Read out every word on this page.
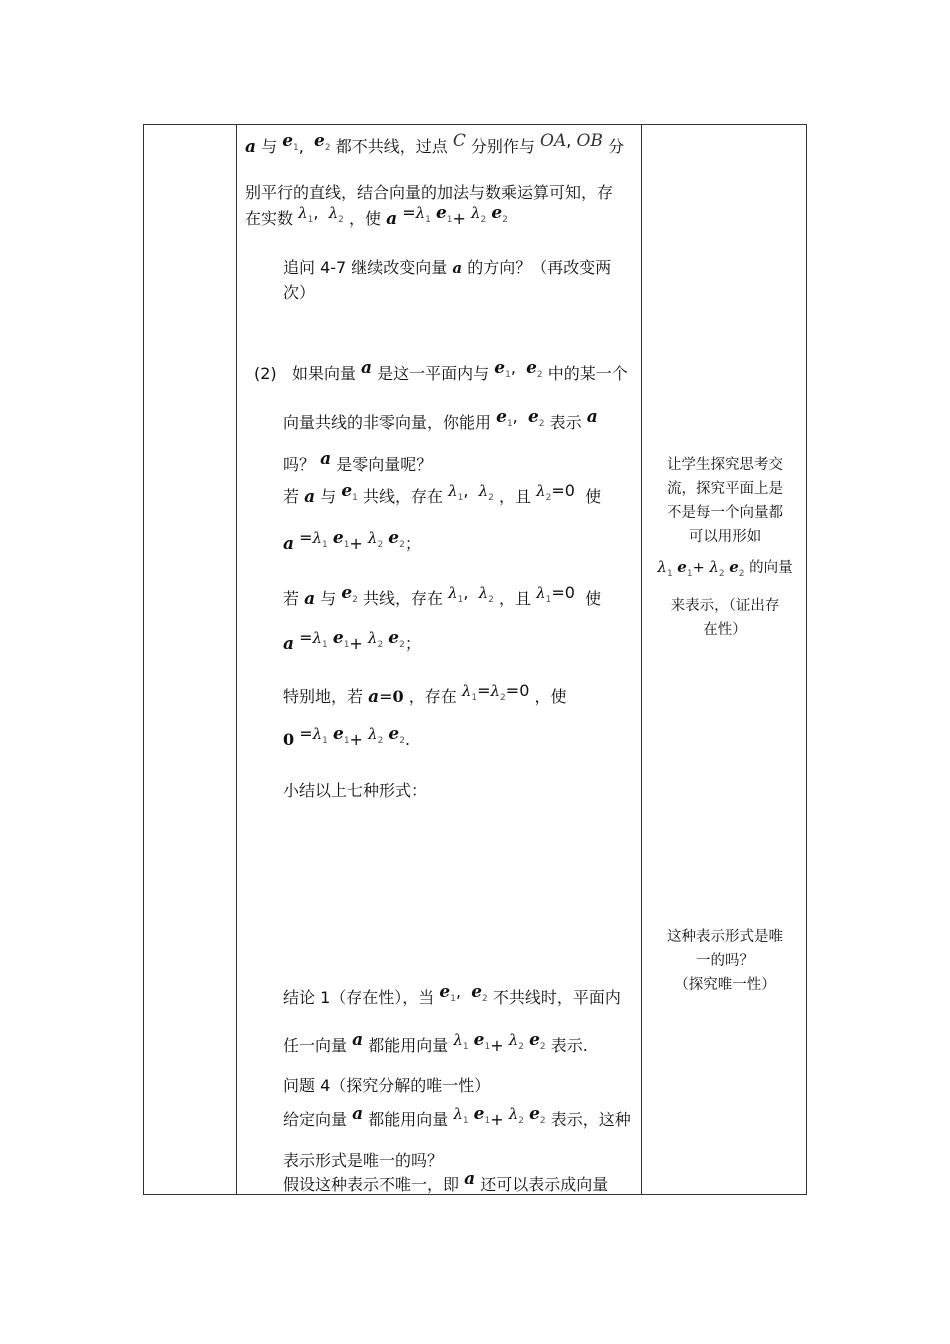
a 与 $e_1$, $e_2$ 都不共线，过点 C 分别作与 OA, OB 分
别平行的直线，结合向量的加法与数乘运算可知，存
在实数 $\lambda_1$, $\lambda_2$ ，使 $a =\lambda_1$ $e_1+ \lambda_2$ $e_2$
追问 4-7 继续改变向量 a 的方向？（再改变两
次）
(2) 如果向量 a 是这一平面内与 $e_1$, $e_2$ 中的某一个
向量共线的非零向量，你能用 $e_1$, $e_2$ 表示 a
吗？ a 是零向量呢？
若 a 与 $e_1$ 共线，存在 $\lambda_1$, $\lambda_2$ ，且 $\lambda_2=0$ 使
$a =\lambda_1$ $e_1+ \lambda_2$ $e_2$；
若 a 与 $e_2$ 共线，存在 $\lambda_1$, $\lambda_2$ ，且 $\lambda_1=0$ 使
$a =\lambda_1$ $e_1+ \lambda_2$ $e_2$；
特别地，若 a=0 ，存在 $\lambda_1=\lambda_2=0$ ，使
$0 =\lambda_1$ $e_1+ \lambda_2$ $e_2$.
小结以上七种形式：
结论 1（存在性），当 $e_1$, $e_2$ 不共线时，平面内
任一向量 a 都能用向量 $\lambda_1$ $e_1+ \lambda_2$ $e_2$ 表示.
问题 4（探究分解的唯一性）
给定向量 a 都能用向量 $\lambda_1$ $e_1+ \lambda_2$ $e_2$ 表示，这种
表示形式是唯一的吗？
假设这种表示不唯一，即 a 还可以表示成向量
让学生探究思考交
流，探究平面上是
不是每一个向量都
可以用形如
$\lambda_1$ $e_1+ \lambda_2$ $e_2$ 的向量
来表示，（证出存
在性）
这种表示形式是唯
一的吗？
（探究唯一性）
